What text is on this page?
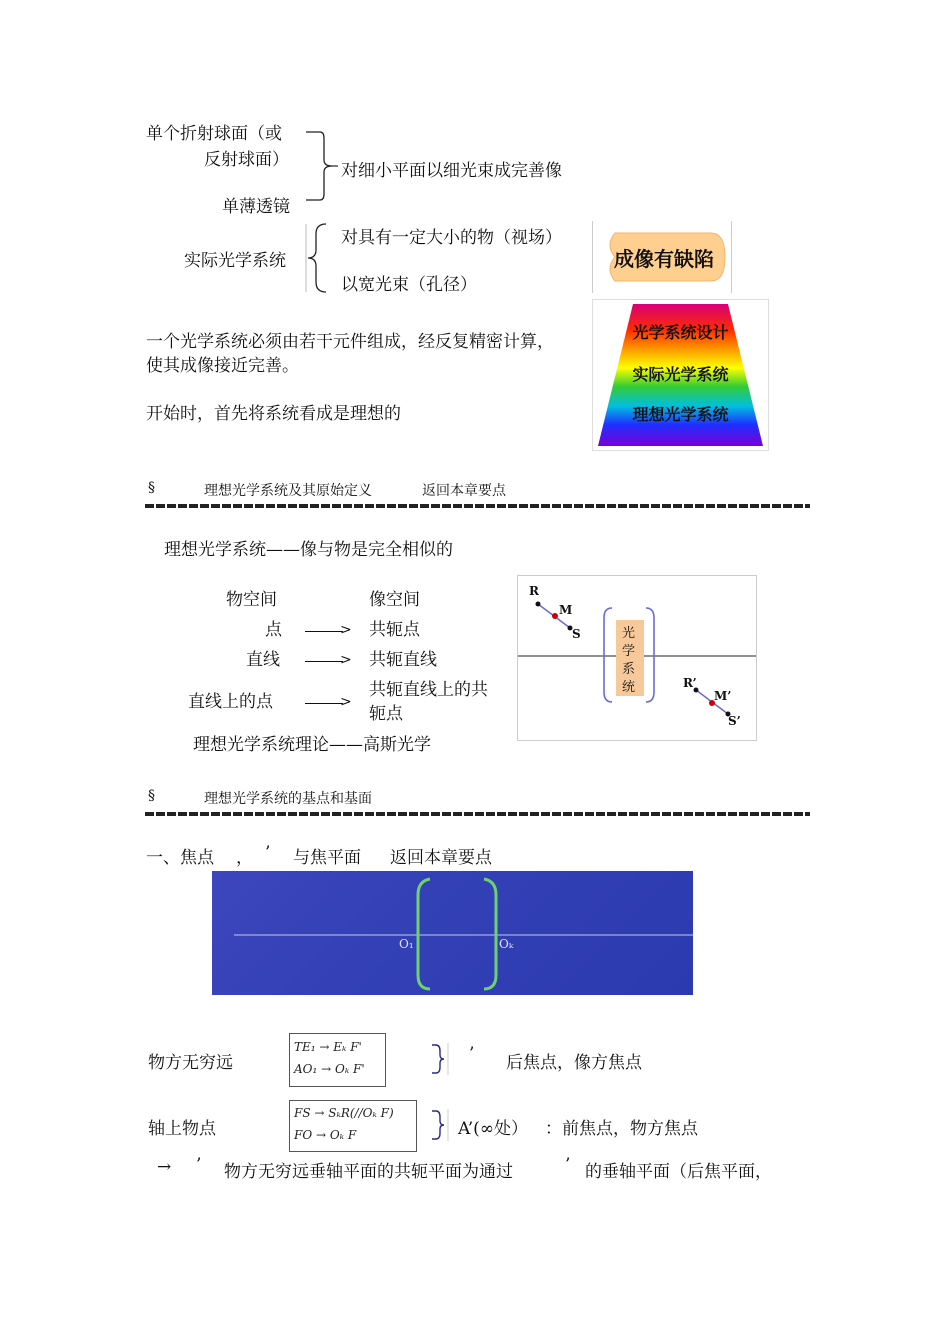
单个折射球面（或
反射球面）
单薄透镜
对细小平面以细光束成完善像
实际光学系统
对具有一定大小的物（视场）
以宽光束（孔径）
成像有缺陷
一个光学系统必须由若干元件组成，经反复精密计算，
使其成像接近完善。
开始时，首先将系统看成是理想的
光学系统设计
实际光学系统
理想光学系统
§	理想光学系统及其原始定义	返回本章要点
理想光学系统——像与物是完全相似的
物空间	像空间
点	> 共轭点
直线	> 共轭直线
直线上的点	>
共轭直线上的共
轭点
理想光学系统理论——高斯光学
R
M
S
R’
M’
S’
光
学
系
统
§	理想光学系统的基点和基面
一、焦点 ， ’ 与焦平面 返回本章要点
O₁	Oₖ
物方无穷远
TE₁ → Eₖ F'
AO₁ → Oₖ F'
’ 后焦点，像方焦点
轴上物点
FS → SₖR(//Oₖ F)
FO → Oₖ F	A’(∞处） ：前焦点，物方焦点
→ ’ 物方无穷远垂轴平面的共轭平面为通过	’ 的垂轴平面（后焦平面，
